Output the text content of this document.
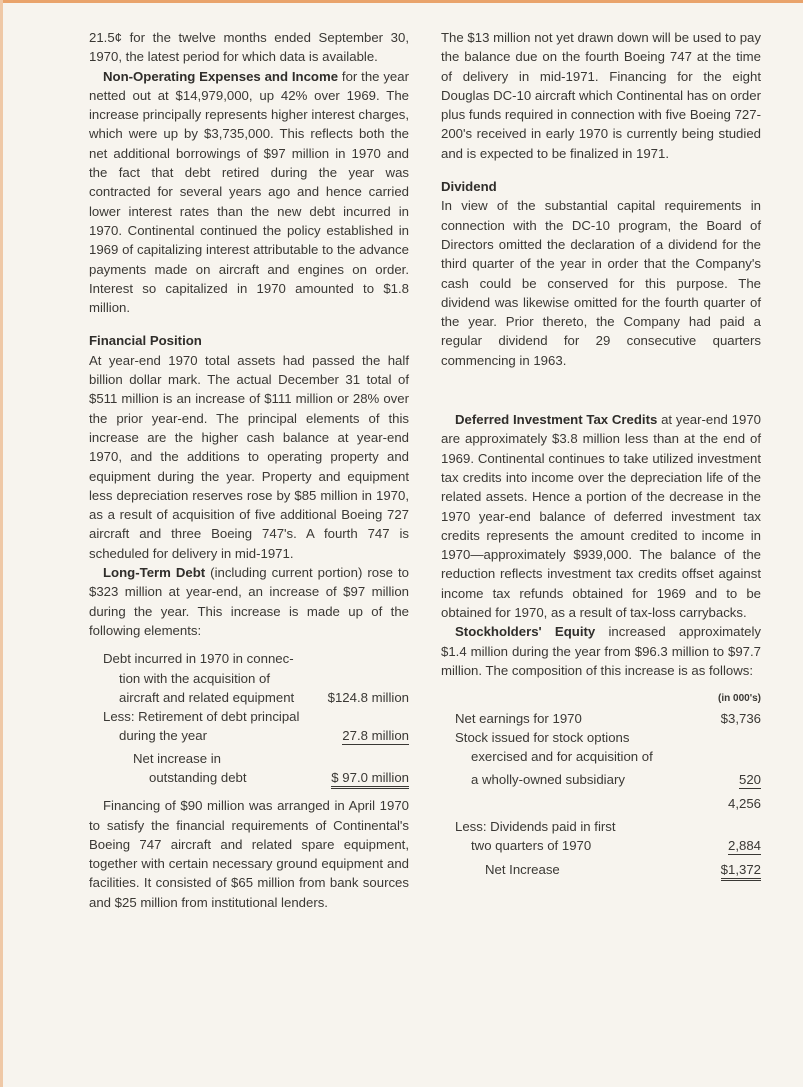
21.5¢ for the twelve months ended September 30, 1970, the latest period for which data is available.

Non-Operating Expenses and Income for the year netted out at $14,979,000, up 42% over 1969. The increase principally represents higher interest charges, which were up by $3,735,000. This reflects both the net additional borrowings of $97 million in 1970 and the fact that debt retired during the year was contracted for several years ago and hence carried lower interest rates than the new debt incurred in 1970. Continental continued the policy established in 1969 of capitalizing interest attributable to the advance payments made on aircraft and engines on order. Interest so capitalized in 1970 amounted to $1.8 million.

Financial Position

At year-end 1970 total assets had passed the half billion dollar mark. The actual December 31 total of $511 million is an increase of $111 million or 28% over the prior year-end. The principal elements of this increase are the higher cash balance at year-end 1970, and the additions to operating property and equipment during the year. Property and equipment less depreciation reserves rose by $85 million in 1970, as a result of acquisition of five additional Boeing 727 aircraft and three Boeing 747's. A fourth 747 is scheduled for delivery in mid-1971.

Long-Term Debt (including current portion) rose to $323 million at year-end, an increase of $97 million during the year. This increase is made up of the following elements:

Debt incurred in 1970 in connec-	
tion with the acquisition of	
aircraft and related equipment	$124.8 million
Less: Retirement of debt principal	
during the year	27.8 million
Net increase in	
outstanding debt	$ 97.0 million

Financing of $90 million was arranged in April 1970 to satisfy the financial requirements of Continental's Boeing 747 aircraft and related spare equipment, together with certain necessary ground equipment and facilities. It consisted of $65 million from bank sources and $25 million from institutional lenders.

The $13 million not yet drawn down will be used to pay the balance due on the fourth Boeing 747 at the time of delivery in mid-1971. Financing for the eight Douglas DC-10 aircraft which Continental has on order plus funds required in connection with five Boeing 727-200's received in early 1970 is currently being studied and is expected to be finalized in 1971.

Dividend

In view of the substantial capital requirements in connection with the DC-10 program, the Board of Directors omitted the declaration of a dividend for the third quarter of the year in order that the Company's cash could be conserved for this purpose. The dividend was likewise omitted for the fourth quarter of the year. Prior thereto, the Company had paid a regular dividend for 29 consecutive quarters commencing in 1963.

Deferred Investment Tax Credits at year-end 1970 are approximately $3.8 million less than at the end of 1969. Continental continues to take utilized investment tax credits into income over the depreciation life of the related assets. Hence a portion of the decrease in the 1970 year-end balance of deferred investment tax credits represents the amount credited to income in 1970—approximately $939,000. The balance of the reduction reflects investment tax credits offset against income tax refunds obtained for 1969 and to be obtained for 1970, as a result of tax-loss carrybacks.

Stockholders' Equity increased approximately $1.4 million during the year from $96.3 million to $97.7 million. The composition of this increase is as follows:

	(in 000's)
Net earnings for 1970	$3,736
Stock issued for stock options	
exercised and for acquisition of	
a wholly-owned subsidiary	520
	4,256
Less: Dividends paid in first	
two quarters of 1970	2,884
Net Increase	$1,372
